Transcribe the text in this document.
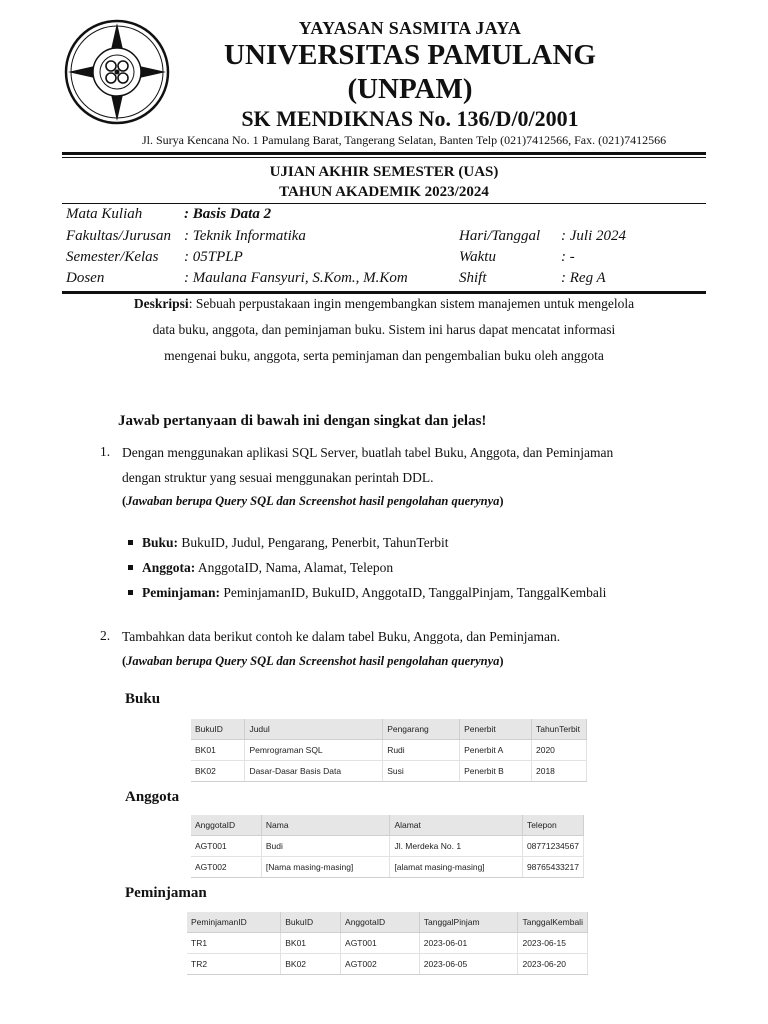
YAYASAN SASMITA JAYA
UNIVERSITAS PAMULANG
(UNPAM)
SK MENDIKNAS No. 136/D/0/2001
Jl. Surya Kencana No. 1 Pamulang Barat, Tangerang Selatan, Banten Telp (021)7412566, Fax. (021)7412566
UJIAN AKHIR SEMESTER (UAS)
TAHUN AKADEMIK 2023/2024
Mata Kuliah	: Basis Data 2
Fakultas/Jurusan : Teknik Informatika	Hari/Tanggal : Juli 2024
Semester/Kelas : 05TPLP	Waktu	: -
Dosen	: Maulana Fansyuri, S.Kom., M.Kom	Shift	: Reg A
Deskripsi: Sebuah perpustakaan ingin mengembangkan sistem manajemen untuk mengelola
data buku, anggota, dan peminjaman buku. Sistem ini harus dapat mencatat informasi
mengenai buku, anggota, serta peminjaman dan pengembalian buku oleh anggota
Jawab pertanyaan di bawah ini dengan singkat dan jelas!
1. Dengan menggunakan aplikasi SQL Server, buatlah tabel Buku, Anggota, dan Peminjaman
dengan struktur yang sesuai menggunakan perintah DDL.
(Jawaban berupa Query SQL dan Screenshot hasil pengolahan querynya)
Buku: BukuID, Judul, Pengarang, Penerbit, TahunTerbit
Anggota: AnggotaID, Nama, Alamat, Telepon
Peminjaman: PeminjamanID, BukuID, AnggotaID, TanggalPinjam, TanggalKembali
2. Tambahkan data berikut contoh ke dalam tabel Buku, Anggota, dan Peminjaman.
(Jawaban berupa Query SQL dan Screenshot hasil pengolahan querynya)
Buku
BukuID	Judul	Pengarang	Penerbit	TahunTerbit
BK01	Pemrograman SQL	Rudi	Penerbit A	2020
BK02	Dasar-Dasar Basis Data	Susi	Penerbit B	2018
Anggota
AnggotaID	Nama	Alamat	Telepon
AGT001	Budi	Jl. Merdeka No. 1	08771234567
AGT002	[Nama masing-masing]	[alamat masing-masing]	98765433217
Peminjaman
PeminjamanID	BukuID	AnggotaID	TanggalPinjam	TanggalKembali
TR1	BK01	AGT001	2023-06-01	2023-06-15
TR2	BK02	AGT002	2023-06-05	2023-06-20
